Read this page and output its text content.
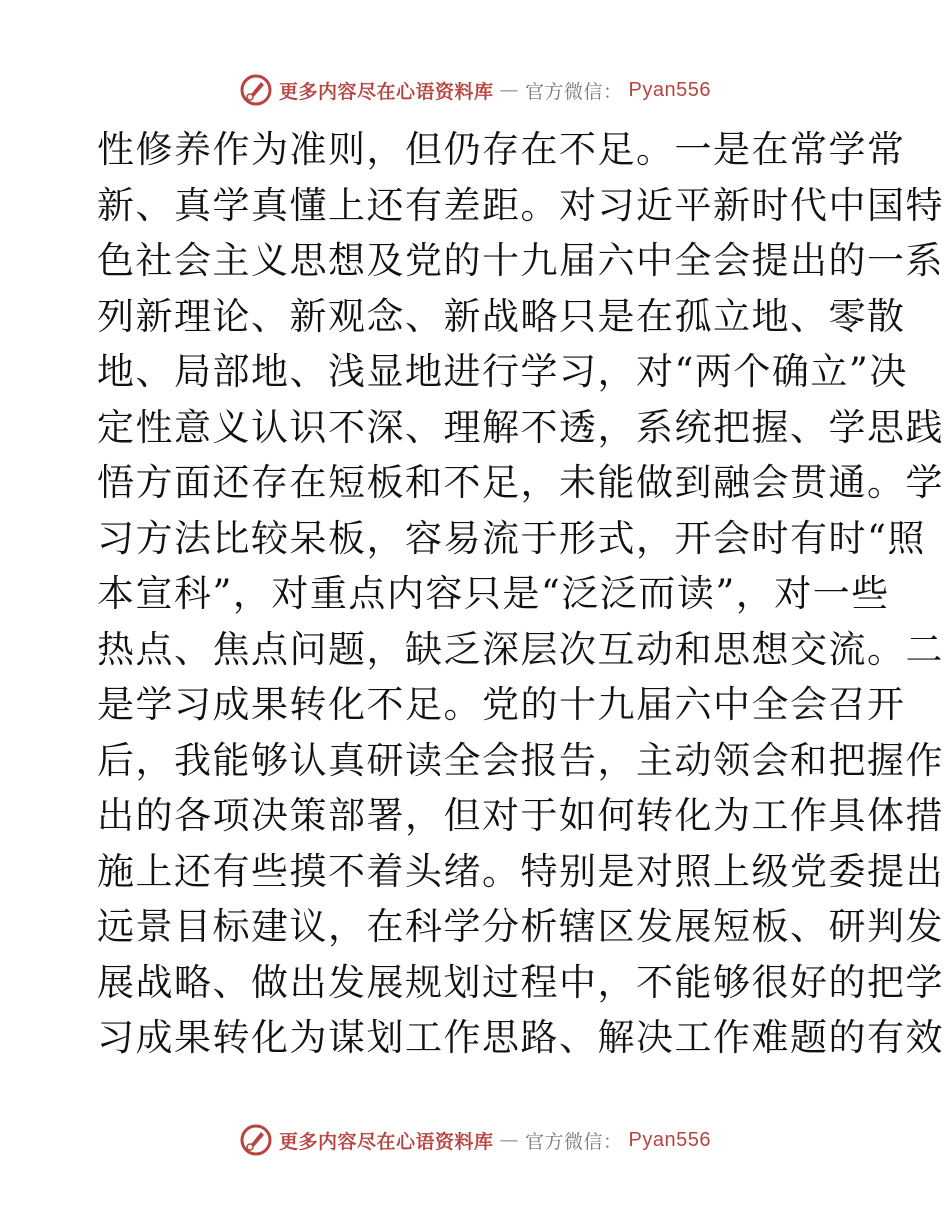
更多内容尽在心语资料库 — 官方微信： Pyan556
性修养作为准则，但仍存在不足。一是在常学常
新、真学真懂上还有差距。对习近平新时代中国特
色社会主义思想及党的十九届六中全会提出的一系
列新理论、新观念、新战略只是在孤立地、零散
地、局部地、浅显地进行学习，对“两个确立”决
定性意义认识不深、理解不透，系统把握、学思践
悟方面还存在短板和不足，未能做到融会贯通。学
习方法比较呆板，容易流于形式，开会时有时“照
本宣科”，对重点内容只是“泛泛而读”，对一些
热点、焦点问题，缺乏深层次互动和思想交流。二
是学习成果转化不足。党的十九届六中全会召开
后，我能够认真研读全会报告，主动领会和把握作
出的各项决策部署，但对于如何转化为工作具体措
施上还有些摸不着头绪。特别是对照上级党委提出
远景目标建议，在科学分析辖区发展短板、研判发
展战略、做出发展规划过程中，不能够很好的把学
习成果转化为谋划工作思路、解决工作难题的有效
更多内容尽在心语资料库 — 官方微信： Pyan556
